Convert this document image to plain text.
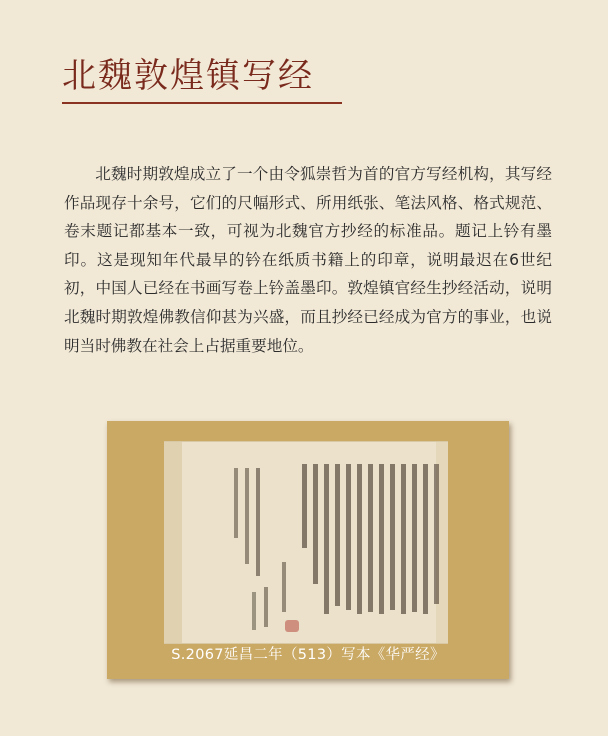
北魏敦煌镇写经

北魏时期敦煌成立了一个由令狐崇哲为首的官方写经机构，其写经作品现存十余号，它们的尺幅形式、所用纸张、笔法风格、格式规范、卷末题记都基本一致，可视为北魏官方抄经的标准品。题记上钤有墨印。这是现知年代最早的钤在纸质书籍上的印章，说明最迟在6世纪初，中国人已经在书画写卷上钤盖墨印。敦煌镇官经生抄经活动，说明北魏时期敦煌佛教信仰甚为兴盛，而且抄经已经成为官方的事业，也说明当时佛教在社会上占据重要地位。

S.2067延昌二年（513）写本《华严经》
